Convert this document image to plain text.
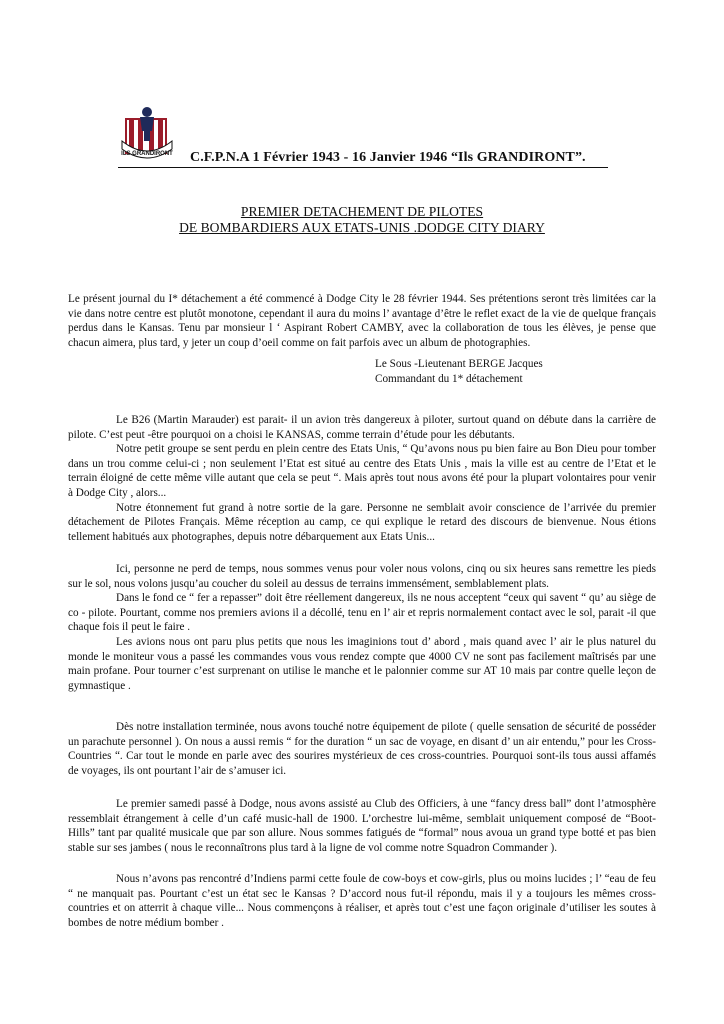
ILS GRANDIRONT C.F.P.N.A 1 Février 1943 - 16 Janvier 1946 “Ils GRANDIRONT”.
PREMIER DETACHEMENT DE PILOTES
DE BOMBARDIERS AUX ETATS-UNIS .DODGE CITY DIARY

Le présent journal du I* détachement a été commencé à Dodge City le 28 février 1944. Ses prétentions seront très limitées car la vie dans notre centre est plutôt monotone, cependant il aura du moins l’ avantage d’être le reflet exact de la vie de quelque français perdus dans le Kansas. Tenu par monsieur l ‘ Aspirant Robert CAMBY, avec la collaboration de tous les élèves, je pense que chacun aimera, plus tard, y jeter un coup d’oeil comme on fait parfois avec un album de photographies.

Le Sous -Lieutenant BERGE Jacques
Commandant du 1* détachement

Le B26 (Martin Marauder) est parait- il un avion très dangereux à piloter, surtout quand on débute dans la carrière de pilote. C’est peut -être pourquoi on a choisi le KANSAS, comme terrain d’étude pour les débutants.

Notre petit groupe se sent perdu en plein centre des Etats Unis, “ Qu’avons nous pu bien faire au Bon Dieu pour tomber dans un trou comme celui-ci ; non seulement l’Etat est situé au centre des Etats Unis , mais la ville est au centre de l’Etat et le terrain éloigné de cette même ville autant que cela se peut “. Mais après tout nous avons été pour la plupart volontaires pour venir à Dodge City , alors...

Notre étonnement fut grand à notre sortie de la gare. Personne ne semblait avoir conscience de l’arrivée du premier détachement de Pilotes Français. Même réception au camp, ce qui explique le retard des discours de bienvenue. Nous étions tellement habitués aux photographes, depuis notre débarquement aux Etats Unis...

Ici, personne ne perd de temps, nous sommes venus pour voler nous volons, cinq ou six heures sans remettre les pieds sur le sol, nous volons jusqu’au coucher du soleil au dessus de terrains immensément, semblablement plats.

Dans le fond ce “ fer a repasser” doit être réellement dangereux, ils ne nous acceptent “ceux qui savent “ qu’ au siège de co - pilote. Pourtant, comme nos premiers avions il a décollé, tenu en l’ air et repris normalement contact avec le sol, parait -il que chaque fois il peut le faire .

Les avions nous ont paru plus petits que nous les imaginions tout d’ abord , mais quand avec l’ air le plus naturel du monde le moniteur vous a passé les commandes vous vous rendez compte que 4000 CV ne sont pas facilement maîtrisés par une main profane. Pour tourner c’est surprenant on utilise le manche et le palonnier comme sur AT 10 mais par contre quelle leçon de gymnastique .

Dès notre installation terminée, nous avons touché notre équipement de pilote ( quelle sensation de sécurité de posséder un parachute personnel ). On nous a aussi remis “ for the duration “ un sac de voyage, en disant d’ un air entendu,” pour les Cross-Countries “. Car tout le monde en parle avec des sourires mystérieux de ces cross-countries. Pourquoi sont-ils tous aussi affamés de voyages, ils ont pourtant l’air de s’amuser ici.

Le premier samedi passé à Dodge, nous avons assisté au Club des Officiers, à une “fancy dress ball” dont l’atmosphère ressemblait étrangement à celle d’un café music-hall de 1900. L’orchestre lui-même, semblait uniquement composé de “Boot-Hills” tant par qualité musicale que par son allure. Nous sommes fatigués de “formal” nous avoua un grand type botté et pas bien stable sur ses jambes ( nous le reconnaîtrons plus tard à la ligne de vol comme notre Squadron Commander ).

Nous n’avons pas rencontré d’Indiens parmi cette foule de cow-boys et cow-girls, plus ou moins lucides ; l’ “eau de feu “ ne manquait pas. Pourtant c’est un état sec le Kansas ? D’accord nous fut-il répondu, mais il y a toujours les mêmes cross-countries et on atterrit à chaque ville... Nous commençons à réaliser, et après tout c’est une façon originale d’utiliser les soutes à bombes de notre médium bomber .
